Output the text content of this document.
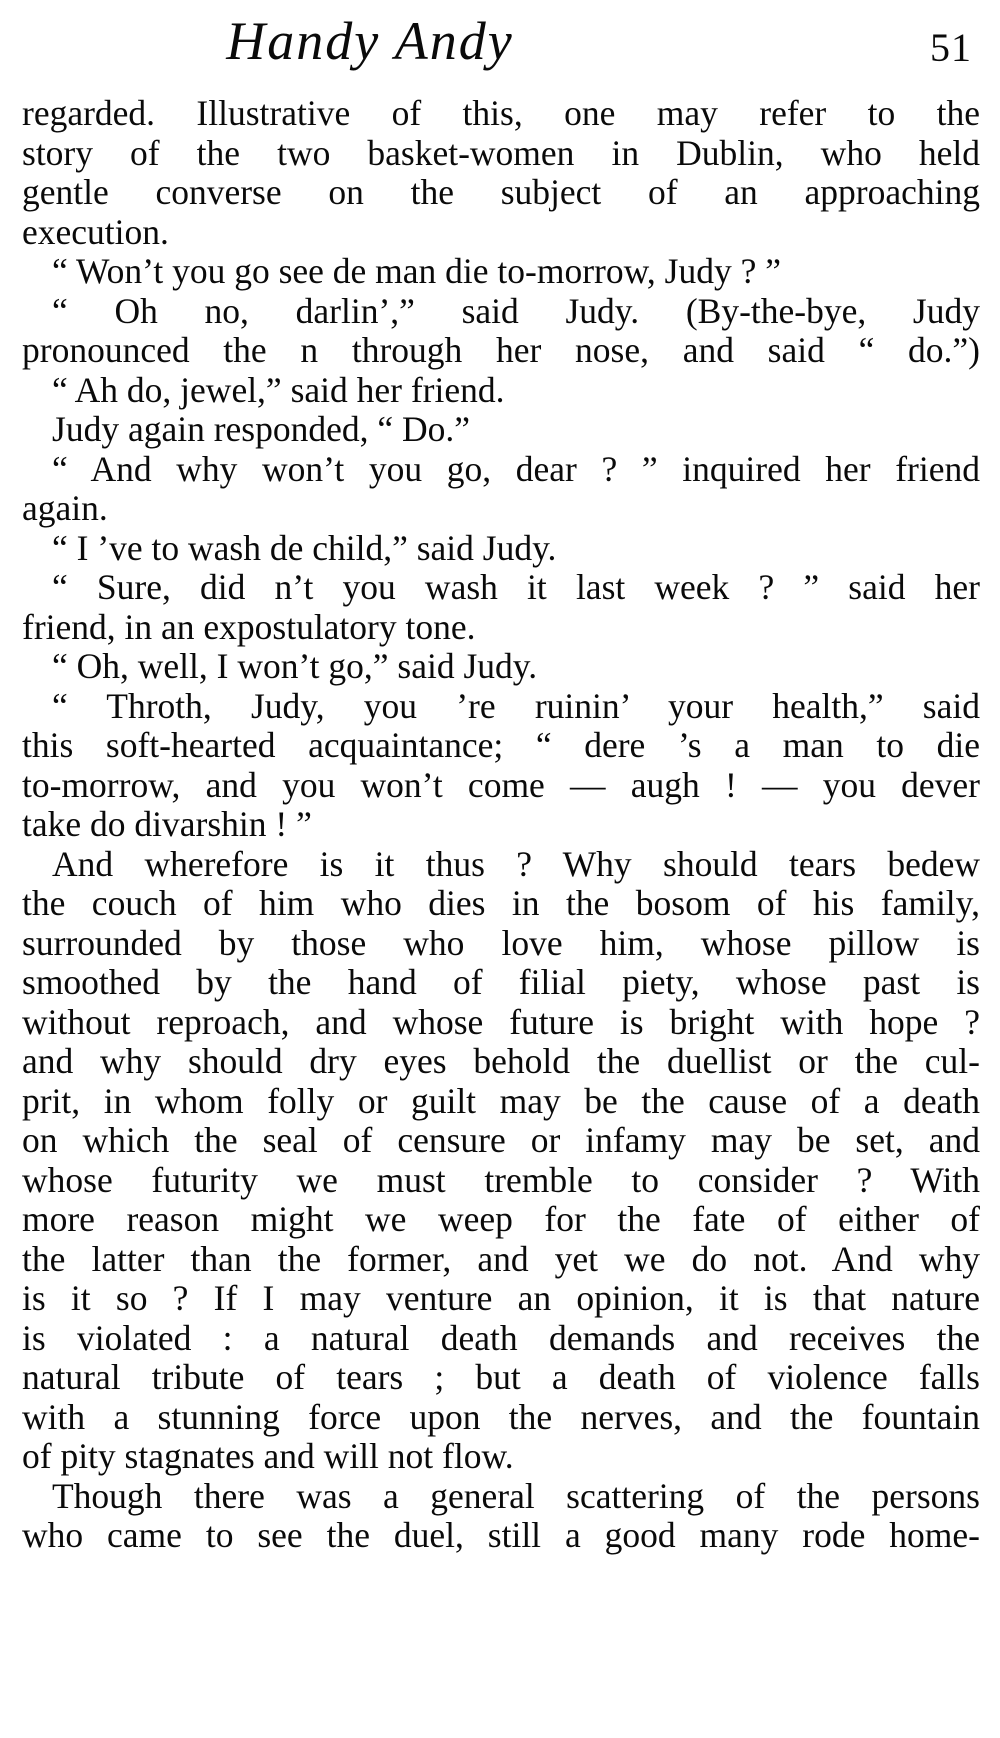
Handy Andy	51
regarded. Illustrative of this, one may refer to the
story of the two basket-women in Dublin, who held
gentle converse on the subject of an approaching
execution.
“ Won’t you go see de man die to-morrow, Judy ? ”
“ Oh no, darlin’,” said Judy. (By-the-bye, Judy
pronounced the n through her nose, and said “ do.”)
“ Ah do, jewel,” said her friend.
Judy again responded, “ Do.”
“ And why won’t you go, dear ? ” inquired her friend
again.
“ I ’ve to wash de child,” said Judy.
“ Sure, did n’t you wash it last week ? ” said her
friend, in an expostulatory tone.
“ Oh, well, I won’t go,” said Judy.
“ Throth, Judy, you ’re ruinin’ your health,” said
this soft-hearted acquaintance; “ dere ’s a man to die
to-morrow, and you won’t come — augh ! — you dever
take do divarshin ! ”
And wherefore is it thus ? Why should tears bedew
the couch of him who dies in the bosom of his family,
surrounded by those who love him, whose pillow is
smoothed by the hand of filial piety, whose past is
without reproach, and whose future is bright with hope ?
and why should dry eyes behold the duellist or the cul-
prit, in whom folly or guilt may be the cause of a death
on which the seal of censure or infamy may be set, and
whose futurity we must tremble to consider ? With
more reason might we weep for the fate of either of
the latter than the former, and yet we do not. And why
is it so ? If I may venture an opinion, it is that nature
is violated : a natural death demands and receives the
natural tribute of tears ; but a death of violence falls
with a stunning force upon the nerves, and the fountain
of pity stagnates and will not flow.
Though there was a general scattering of the persons
who came to see the duel, still a good many rode home-
